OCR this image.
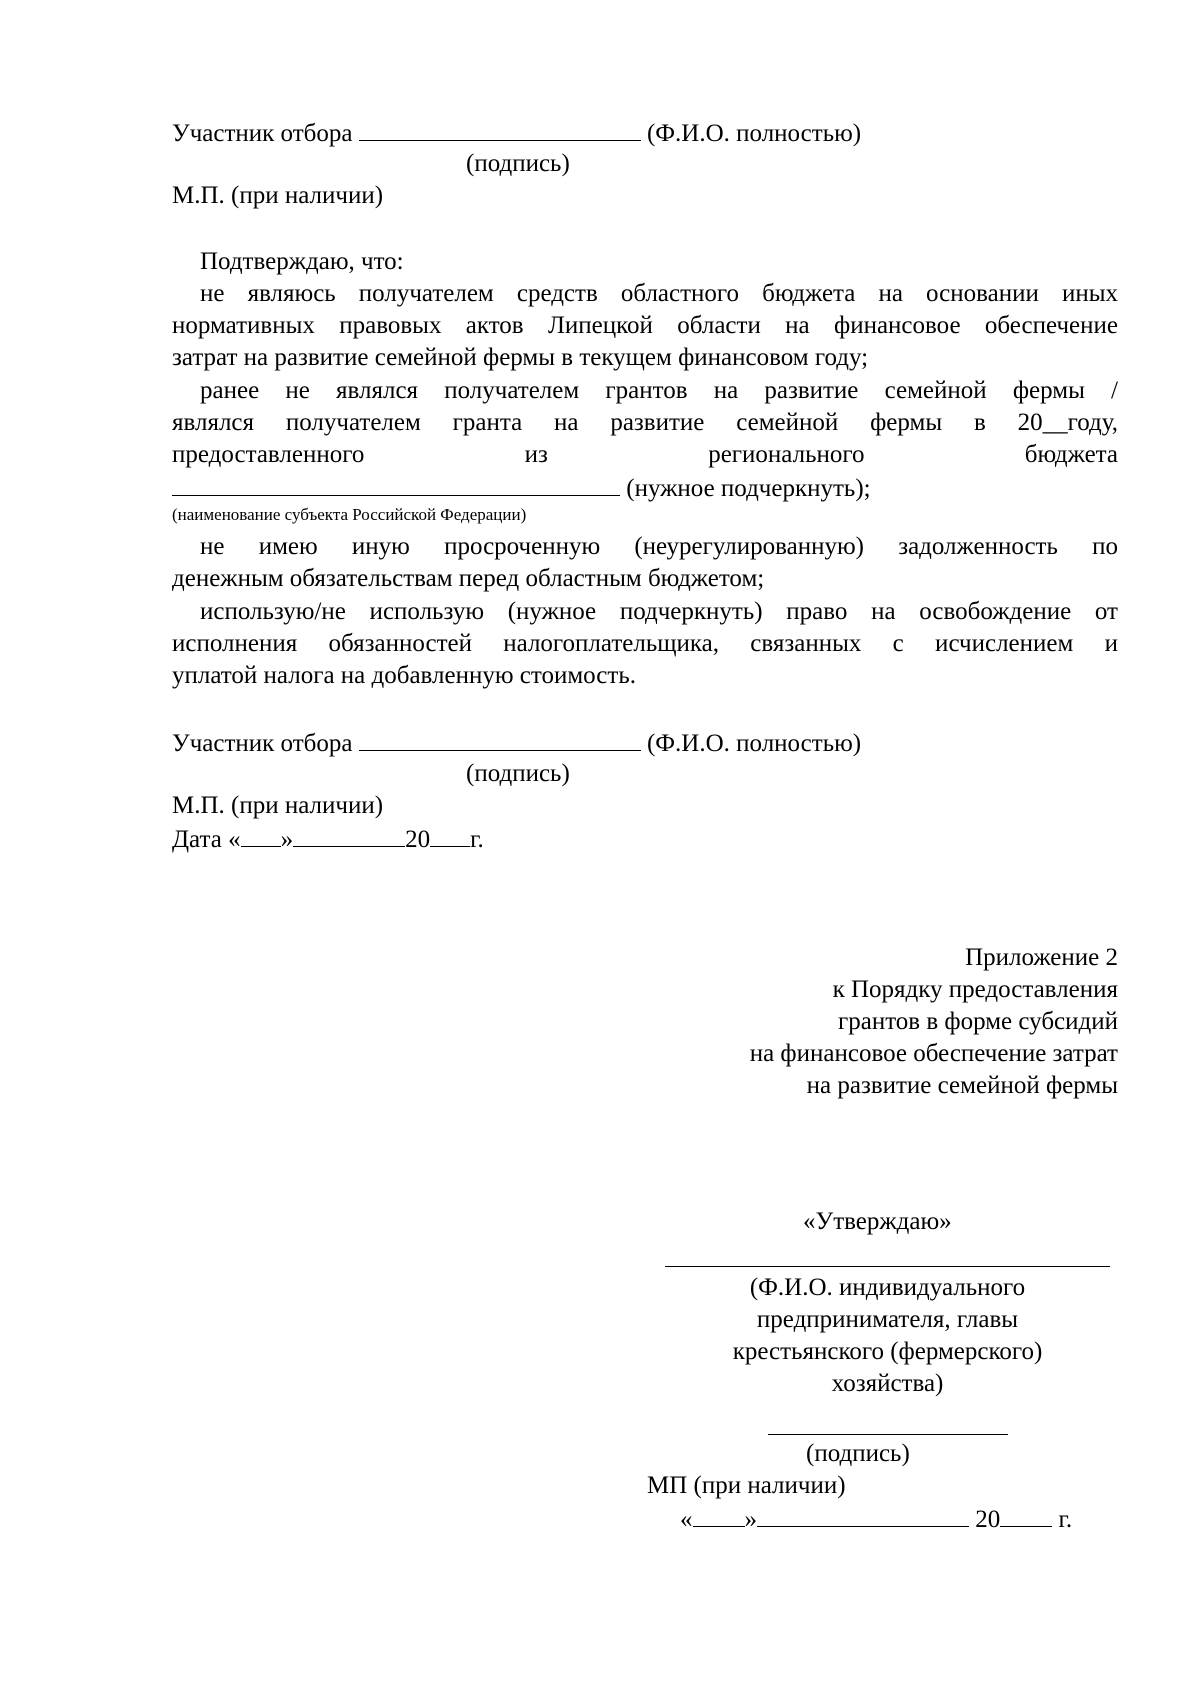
Участник отбора	(Ф.И.О. полностью)
(подпись)
М.П. (при наличии)
Подтверждаю, что:
не являюсь получателем средств областного бюджета на основании иных
нормативных правовых актов Липецкой области на финансовое обеспечение
затрат на развитие семейной фермы в текущем финансовом году;
ранее не являлся получателем грантов на развитие семейной фермы /
являлся получателем гранта на развитие семейной фермы в 20__году,
предоставленного	из	регионального	бюджета
(нужное подчеркнуть);
(наименование субъекта Российской Федерации)
не имею иную просроченную (неурегулированную) задолженность по
денежным обязательствам перед областным бюджетом;
использую/не использую (нужное подчеркнуть) право на освобождение от
исполнения обязанностей налогоплательщика, связанных с исчислением и
уплатой налога на добавленную стоимость.
Участник отбора	(Ф.И.О. полностью)
(подпись)
М.П. (при наличии)
Дата « »	20 г.
Приложение 2
к Порядку предоставления
грантов в форме субсидий
на финансовое обеспечение затрат
на развитие семейной фермы
«Утверждаю»
(Ф.И.О. индивидуального
предпринимателя, главы
крестьянского (фермерского)
хозяйства)
(подпись)
МП (при наличии)
« »	20 г.
